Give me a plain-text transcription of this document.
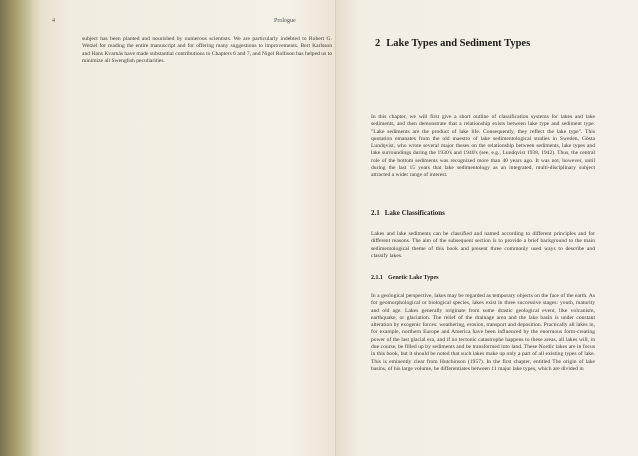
4	Prologue
subject has been planted and nourished by numerous scientists. We are particularly indebted to Robert G. Wetzel for reading the entire manuscript and for offering many suggestions to improvements. Bert Karlsson and Hans Kvarnäs have made substantial contributions to Chapters 6 and 7, and Nigel Rollison has helped us to minimize all Swenglish peculiarities.
2 Lake Types and Sediment Types
In this chapter, we will first give a short outline of classification systems for lakes and lake sediments, and then demonstrate that a relationship exists between lake type and sediment type. "Lake sediments are the product of lake life. Consequently, they reflect the lake type". This quotation emanates from the old maestro of lake sedimentological studies in Sweden, Gösta Lundqvist, who wrote several major theses on the relationship between sediments, lake types and lake surroundings during the 1930's and 1940's (see, e.g., Lundqvist 1938, 1942). Thus, the central role of the bottom sediments was recognized more than 40 years ago. It was not, however, until during the last 15 years that lake sedimentology as an integrated, multi-disciplinary subject attracted a wider range of interest.
2.1 Lake Classifications
Lakes and lake sediments can be classified and named according to different principles and for different reasons. The aim of the subsequent section is to provide a brief background to the main sedimentological theme of this book and present three commonly used ways to describe and classify lakes.
2.1.1 Genetic Lake Types
In a geological perspective, lakes may be regarded as temporary objects on the face of the earth. As for geomorphological or biological species, lakes exist in three successive stages: youth, maturity and old age. Lakes generally originate from some drastic geological event, like volcanism, earthquake, or glaciation. The relief of the drainage area and the lake basin is under constant alteration by exogenic forces: weathering, erosion, transport and deposition. Practically all lakes in, for example, northern Europe and America have been influenced by the enormous form-creating power of the last glacial era, and if no tectonic catastrophe happens to these areas, all lakes will, in due course, be filled up by sediments and be transformed into land. These Nordic lakes are in focus in this book, but it should be noted that such lakes make up only a part of all existing types of lake. This is eminently clear from Hutchinson (1957). In the first chapter, entitled The origin of lake basins, of his large volume, he differentiates between 11 major lake types, which are divided in
